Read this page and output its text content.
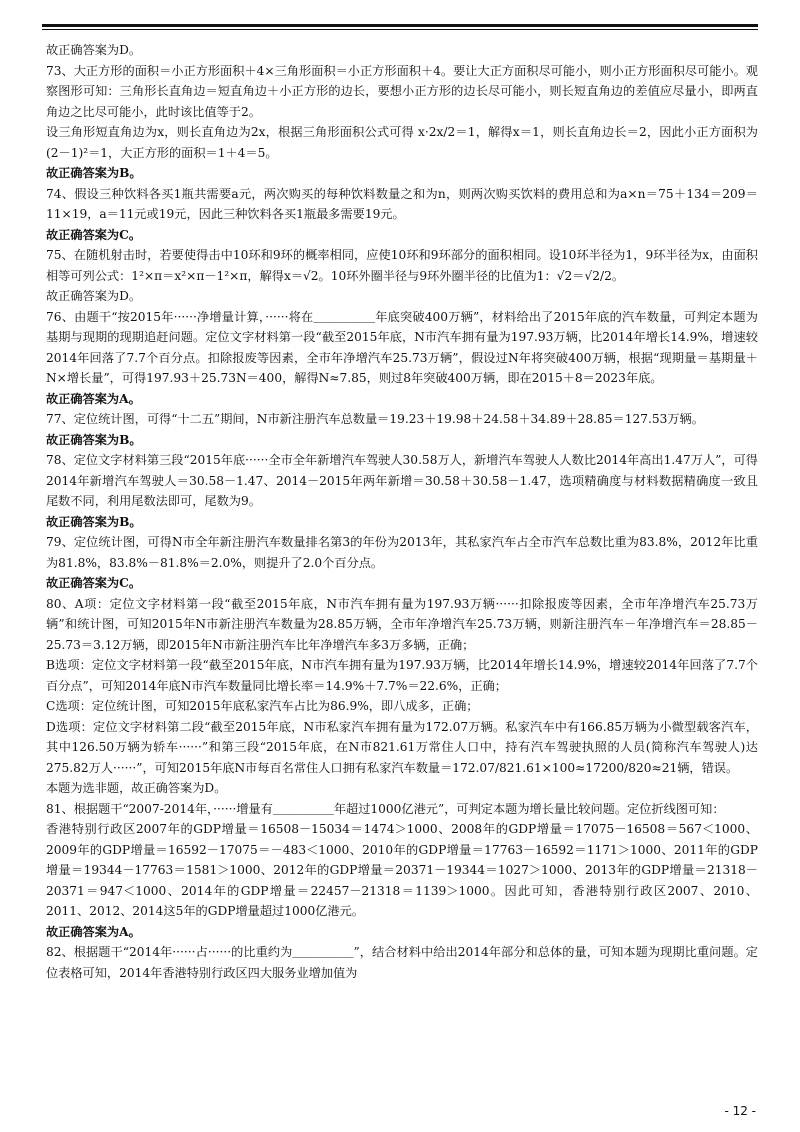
故正确答案为D。

73、大正方形的面积＝小正方形面积＋4×三角形面积＝小正方形面积＋4。要让大正方面积尽可能小，则小正方形面积尽可能小。观察图形可知：三角形长直角边＝短直角边＋小正方形的边长，要想小正方形的边长尽可能小，则长短直角边的差值应尽量小，即两直角边之比尽可能小，此时该比值等于2。

设三角形短直角边为x，则长直角边为2x，根据三角形面积公式可得 x·2x/2＝1，解得x＝1，则长直角边长＝2，因此小正方面积为 (2－1)²＝1，大正方形的面积＝1＋4＝5。

故正确答案为B。

74、假设三种饮料各买1瓶共需要a元，两次购买的每种饮料数量之和为n，则两次购买饮料的费用总和为a×n＝75＋134＝209＝11×19，a＝11元或19元，因此三种饮料各买1瓶最多需要19元。

故正确答案为C。

75、在随机射击时，若要使得击中10环和9环的概率相同，应使10环和9环部分的面积相同。设10环半径为1，9环半径为x，由面积相等可列公式：1²×π＝x²×π－1²×π，解得x＝√2。10环外圈半径与9环外圈半径的比值为1：√2＝√2/2。

故正确答案为D。

76、由题干“按2015年······净增量计算，······将在＿＿＿＿＿年底突破400万辆”，材料给出了2015年底的汽车数量，可判定本题为基期与现期的现期追赶问题。定位文字材料第一段“截至2015年底，N市汽车拥有量为197.93万辆，比2014年增长14.9%，增速较2014年回落了7.7个百分点。扣除报废等因素，全市年净增汽车25.73万辆”，假设过N年将突破400万辆，根据“现期量＝基期量＋N×增长量”，可得197.93＋25.73N＝400，解得N≈7.85，则过8年突破400万辆，即在2015＋8＝2023年底。

故正确答案为A。

77、定位统计图，可得“十二五”期间，N市新注册汽车总数量＝19.23＋19.98＋24.58＋34.89＋28.85＝127.53万辆。

故正确答案为B。

78、定位文字材料第三段“2015年底······全市全年新增汽车驾驶人30.58万人，新增汽车驾驶人人数比2014年高出1.47万人”，可得2014年新增汽车驾驶人＝30.58－1.47、2014－2015年两年新增＝30.58＋30.58－1.47，选项精确度与材料数据精确度一致且尾数不同，利用尾数法即可，尾数为9。

故正确答案为B。

79、定位统计图，可得N市全年新注册汽车数量排名第3的年份为2013年，其私家汽车占全市汽车总数比重为83.8%，2012年比重为81.8%，83.8%－81.8%＝2.0%，则提升了2.0个百分点。

故正确答案为C。

80、A项：定位文字材料第一段“截至2015年底，N市汽车拥有量为197.93万辆······扣除报废等因素，全市年净增汽车25.73万辆”和统计图，可知2015年N市新注册汽车数量为28.85万辆，全市年净增汽车25.73万辆，则新注册汽车－年净增汽车＝28.85－25.73＝3.12万辆，即2015年N市新注册汽车比年净增汽车多3万多辆，正确；

B选项：定位文字材料第一段“截至2015年底，N市汽车拥有量为197.93万辆，比2014年增长14.9%，增速较2014年回落了7.7个百分点”，可知2014年底N市汽车数量同比增长率＝14.9%＋7.7%＝22.6%，正确；

C选项：定位统计图，可知2015年底私家汽车占比为86.9%，即八成多，正确；

D选项：定位文字材料第二段“截至2015年底，N市私家汽车拥有量为172.07万辆。私家汽车中有166.85万辆为小微型载客汽车，其中126.50万辆为轿车······”和第三段“2015年底，在N市821.61万常住人口中，持有汽车驾驶执照的人员(简称汽车驾驶人)达275.82万人······”，可知2015年底N市每百名常住人口拥有私家汽车数量＝172.07/821.61×100≈17200/820≈21辆，错误。

本题为选非题，故正确答案为D。

81、根据题干“2007-2014年，······增量有＿＿＿＿＿年超过1000亿港元”，可判定本题为增长量比较问题。定位折线图可知：

香港特别行政区2007年的GDP增量＝16508－15034＝1474＞1000、2008年的GDP增量＝17075－16508＝567＜1000、2009年的GDP增量＝16592－17075＝－483＜1000、2010年的GDP增量＝17763－16592＝1171＞1000、2011年的GDP增量＝19344－17763＝1581＞1000、2012年的GDP增量＝20371－19344＝1027＞1000、2013年的GDP增量＝21318－20371＝947＜1000、2014年的GDP增量＝22457－21318＝1139＞1000。因此可知，香港特别行政区2007、2010、2011、2012、2014这5年的GDP增量超过1000亿港元。

故正确答案为A。

82、根据题干“2014年······占······的比重约为＿＿＿＿＿”，结合材料中给出2014年部分和总体的量，可知本题为现期比重问题。定位表格可知，2014年香港特别行政区四大服务业增加值为

- 12 -
